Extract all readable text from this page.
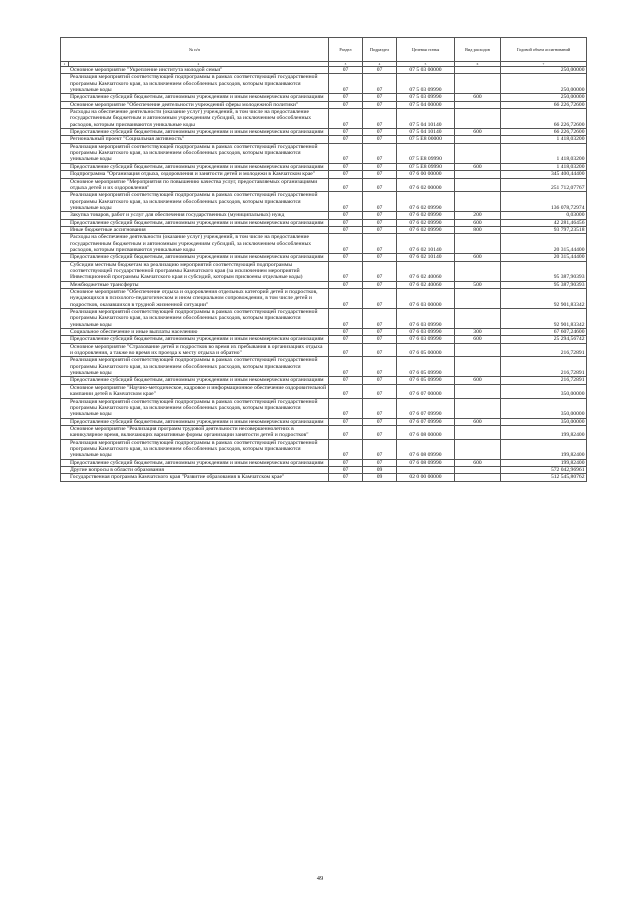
№ п/п		Раздел	Подраздел	Целевая статья	Вид расходов	Годовой объем ассигнований
1	2	3	4	5	6	7
	Основное мероприятие "Укрепление института молодой семьи"	07	07	07 5 03 00000		250,00000
	Реализация мероприятий соответствующей подпрограммы в рамках соответствующей государственной программы Камчатского края, за исключением обособленных расходов, которым присваиваются уникальные коды	07	07	07 5 03 09990		250,00000
	Предоставление субсидий бюджетным, автономным учреждениям и иным некоммерческим организациям	07	07	07 5 03 09990	600	250,00000
	Основное мероприятие "Обеспечение деятельности учреждений сферы молодежной политики"	07	07	07 5 04 00000		66 226,72600
	Расходы на обеспечение деятельности (оказание услуг) учреждений, в том числе на предоставление государственным бюджетным и автономным учреждениям субсидий, за исключением обособленных расходов, которым присваиваются уникальные коды	07	07	07 5 04 10140		66 226,72600
	Предоставление субсидий бюджетным, автономным учреждениям и иным некоммерческим организациям	07	07	07 5 04 10140	600	66 226,72600
	Региональный проект "Социальная активность"	07	07	07 5 E8 00000		1 418,03200
	Реализация мероприятий соответствующей подпрограммы в рамках соответствующей государственной программы Камчатского края, за исключением обособленных расходов, которым присваиваются уникальные коды	07	07	07 5 E8 09990		1 418,03200
	Предоставление субсидий бюджетным, автономным учреждениям и иным некоммерческим организациям	07	07	07 5 E8 09990	600	1 418,03200
	Подпрограмма "Организация отдыха, оздоровления и занятости детей и молодежи в Камчатском крае"	07	07	07 6 00 00000		345 400,44400
	Основное мероприятие "Мероприятия по повышению качества услуг, предоставляемых организациями отдыха детей и их оздоровления"	07	07	07 6 02 00000		251 712,07767
	Реализация мероприятий соответствующей подпрограммы в рамках соответствующей государственной программы Камчатского края, за исключением обособленных расходов, которым присваиваются уникальные коды	07	07	07 6 02 09990		136 078,72974
	Закупка товаров, работ и услуг для обеспечения государственных (муниципальных) нужд	07	07	07 6 02 09990	200	0,03000
	Предоставление субсидий бюджетным, автономным учреждениям и иным некоммерческим организациям	07	07	07 6 02 09990	600	42 281,46456
	Иные бюджетные ассигнования	07	07	07 6 02 09990	800	93 797,23518
	Расходы на обеспечение деятельности (оказание услуг) учреждений, в том числе на предоставление государственным бюджетным и автономным учреждениям субсидий, за исключением обособленных расходов, которым присваиваются уникальные коды	07	07	07 6 02 10140		20 315,44400
	Предоставление субсидий бюджетным, автономным учреждениям и иным некоммерческим организациям	07	07	07 6 02 10140	600	20 315,44400
	Субсидии местным бюджетам на реализацию мероприятий соответствующей подпрограммы соответствующей государственной программы Камчатского края (за исключением мероприятий Инвестиционной программы Камчатского края и субсидий, которым присвоены отдельные коды)	07	07	07 6 02 40060		95 387,90393
	Межбюджетные трансферты	07	07	07 6 02 40060	500	95 387,90393
	Основное мероприятие "Обеспечение отдыха и оздоровления отдельных категорий детей и подростков, нуждающихся в психолого-педагогическом и ином специальном сопровождении, в том числе детей и подростков, оказавшихся в трудной жизненной ситуации"	07	07	07 6 03 00000		92 901,83342
	Реализация мероприятий соответствующей подпрограммы в рамках соответствующей государственной программы Камчатского края, за исключением обособленных расходов, которым присваиваются уникальные коды	07	07	07 6 03 09990		92 901,83342
	Социальное обеспечение и иные выплаты населению	07	07	07 6 03 09990	300	67 607,24600
	Предоставление субсидий бюджетным, автономным учреждениям и иным некоммерческим организациям	07	07	07 6 03 09990	600	25 294,56742
	Основное мероприятие "Страхование детей и подростков во время их пребывания в организациях отдыха и оздоровления, а также во время их проезда к месту отдыха и обратно"	07	07	07 6 05 00000		216,72891
	Реализация мероприятий соответствующей подпрограммы в рамках соответствующей государственной программы Камчатского края, за исключением обособленных расходов, которым присваиваются уникальные коды	07	07	07 6 05 09990		216,72891
	Предоставление субсидий бюджетным, автономным учреждениям и иным некоммерческим организациям	07	07	07 6 05 09990	600	216,72891
	Основное мероприятие "Научно-методическое, кадровое и информационное обеспечение оздоровительной кампании детей в Камчатском крае"	07	07	07 6 07 00000		350,00000
	Реализация мероприятий соответствующей подпрограммы в рамках соответствующей государственной программы Камчатского края, за исключением обособленных расходов, которым присваиваются уникальные коды	07	07	07 6 07 09990		350,00000
	Предоставление субсидий бюджетным, автономным учреждениям и иным некоммерческим организациям	07	07	07 6 07 09990	600	350,00000
	Основное мероприятие "Реализация программ трудовой деятельности несовершеннолетних в каникулярное время, включающих вариативные формы организации занятости детей и подростков"	07	07	07 6 08 00000		199,82400
	Реализация мероприятий соответствующей подпрограммы в рамках соответствующей государственной программы Камчатского края, за исключением обособленных расходов, которым присваиваются уникальные коды	07	07	07 6 08 09990		199,82400
	Предоставление субсидий бюджетным, автономным учреждениям и иным некоммерческим организациям	07	07	07 6 08 09990	600	199,82400
	Другие вопросы в области образования	07	09			572 042,96961
	Государственная программа Камчатского края "Развитие образования в Камчатском крае"	07	09	02 0 00 00000		512 545,80762
49
